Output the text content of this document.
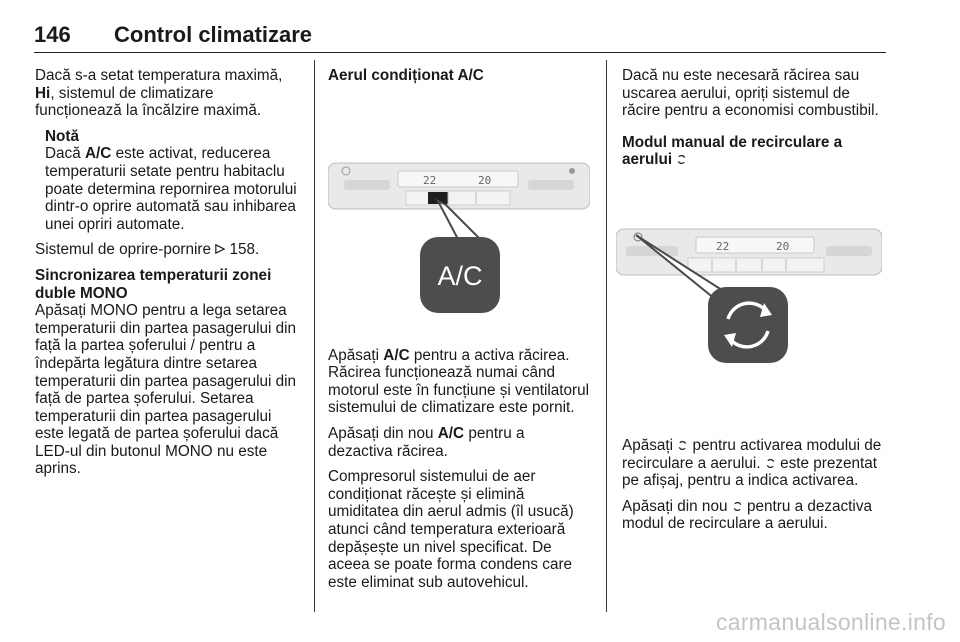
146 Control climatizare

Dacă s-a setat temperatura maximă, Hi, sistemul de climatizare funcționează la încălzire maximă.

Notă
Dacă A/C este activat, reducerea temperaturii setate pentru habitaclu poate determina repornirea motorului dintr-o oprire automată sau inhibarea unei opriri automate.

Sistemul de oprire-pornire  158.

Sincronizarea temperaturii zonei duble MONO

Apăsați MONO pentru a lega setarea temperaturii din partea pasagerului din față la partea șoferului / pentru a îndepărta legătura dintre setarea temperaturii din partea pasagerului din față de partea șoferului. Setarea temperaturii din partea pasagerului este legată de partea șoferului dacă LED-ul din butonul MONO nu este aprins.

Aerul condiționat A/C

22	20
A/C

Apăsați A/C pentru a activa răcirea. Răcirea funcționează numai când motorul este în funcțiune și ventilatorul sistemului de climatizare este pornit.

Apăsați din nou A/C pentru a dezactiva răcirea.

Compresorul sistemului de aer condiționat răcește și elimină umiditatea din aerul admis (îl usucă) atunci când temperatura exterioară depășește un nivel specificat. De aceea se poate forma condens care este eliminat sub autovehicul.

Dacă nu este necesară răcirea sau uscarea aerului, opriți sistemul de răcire pentru a economisi combustibil.

Modul manual de recirculare a aerului

22	20

Apăsați  pentru activarea modului de recirculare a aerului.  este prezentat pe afișaj, pentru a indica activarea.

Apăsați din nou  pentru a dezactiva modul de recirculare a aerului.

carmanualsonline.info
